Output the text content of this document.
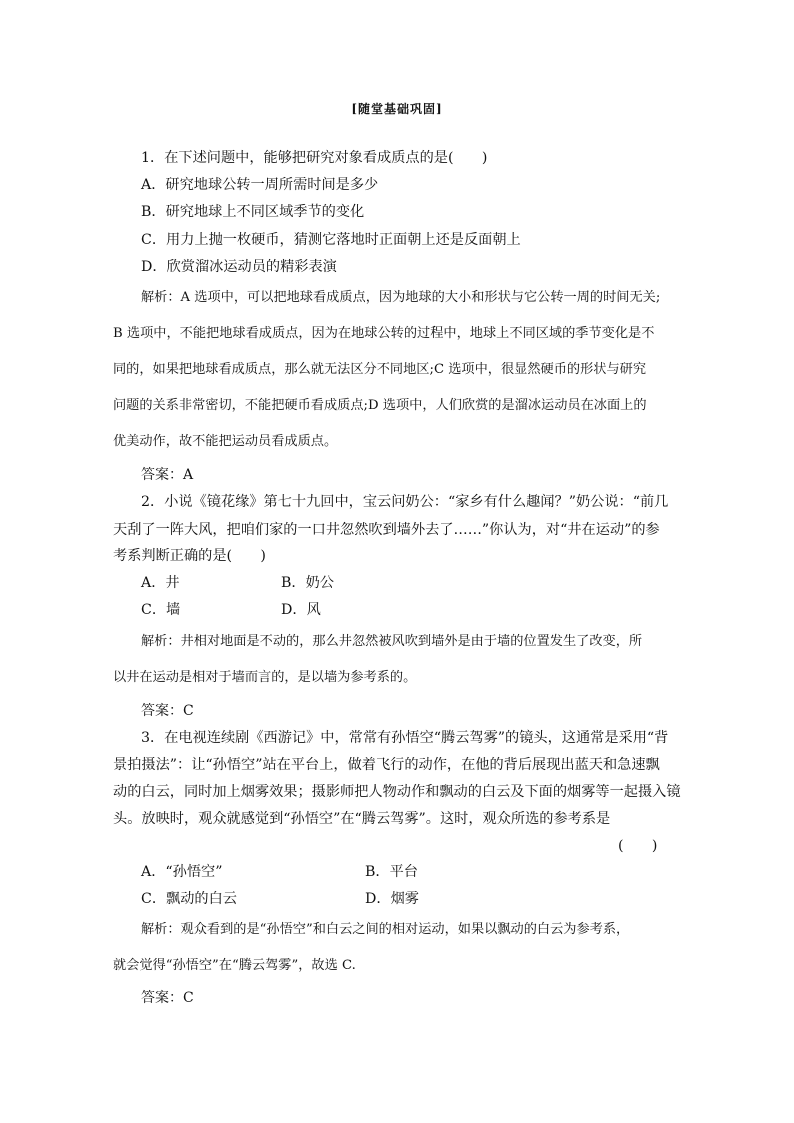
[随堂基础巩固]
1．在下述问题中，能够把研究对象看成质点的是(　　)
A．研究地球公转一周所需时间是多少
B．研究地球上不同区域季节的变化
C．用力上抛一枚硬币，猜测它落地时正面朝上还是反面朝上
D．欣赏溜冰运动员的精彩表演
解析：A 选项中，可以把地球看成质点，因为地球的大小和形状与它公转一周的时间无关;
B 选项中，不能把地球看成质点，因为在地球公转的过程中，地球上不同区域的季节变化是不
同的，如果把地球看成质点，那么就无法区分不同地区;C 选项中，很显然硬币的形状与研究
问题的关系非常密切，不能把硬币看成质点;D 选项中，人们欣赏的是溜冰运动员在冰面上的
优美动作，故不能把运动员看成质点。
答案：A
2．小说《镜花缘》第七十九回中，宝云问奶公：“家乡有什么趣闻？”奶公说：“前几
天刮了一阵大风，把咱们家的一口井忽然吹到墙外去了……”你认为，对“井在运动”的参
考系判断正确的是(　　)
A．井	B．奶公
C．墙	D．风
解析：井相对地面是不动的，那么井忽然被风吹到墙外是由于墙的位置发生了改变，所
以井在运动是相对于墙而言的，是以墙为参考系的。
答案：C
3．在电视连续剧《西游记》中，常常有孙悟空“腾云驾雾”的镜头，这通常是采用“背
景拍摄法”：让“孙悟空”站在平台上，做着飞行的动作，在他的背后展现出蓝天和急速飘
动的白云，同时加上烟雾效果；摄影师把人物动作和飘动的白云及下面的烟雾等一起摄入镜
头。放映时，观众就感觉到“孙悟空”在“腾云驾雾”。这时，观众所选的参考系是
(　　)
A．“孙悟空”	B．平台
C．飘动的白云	D．烟雾
解析：观众看到的是“孙悟空”和白云之间的相对运动，如果以飘动的白云为参考系，
就会觉得“孙悟空”在“腾云驾雾”，故选 C.
答案：C
